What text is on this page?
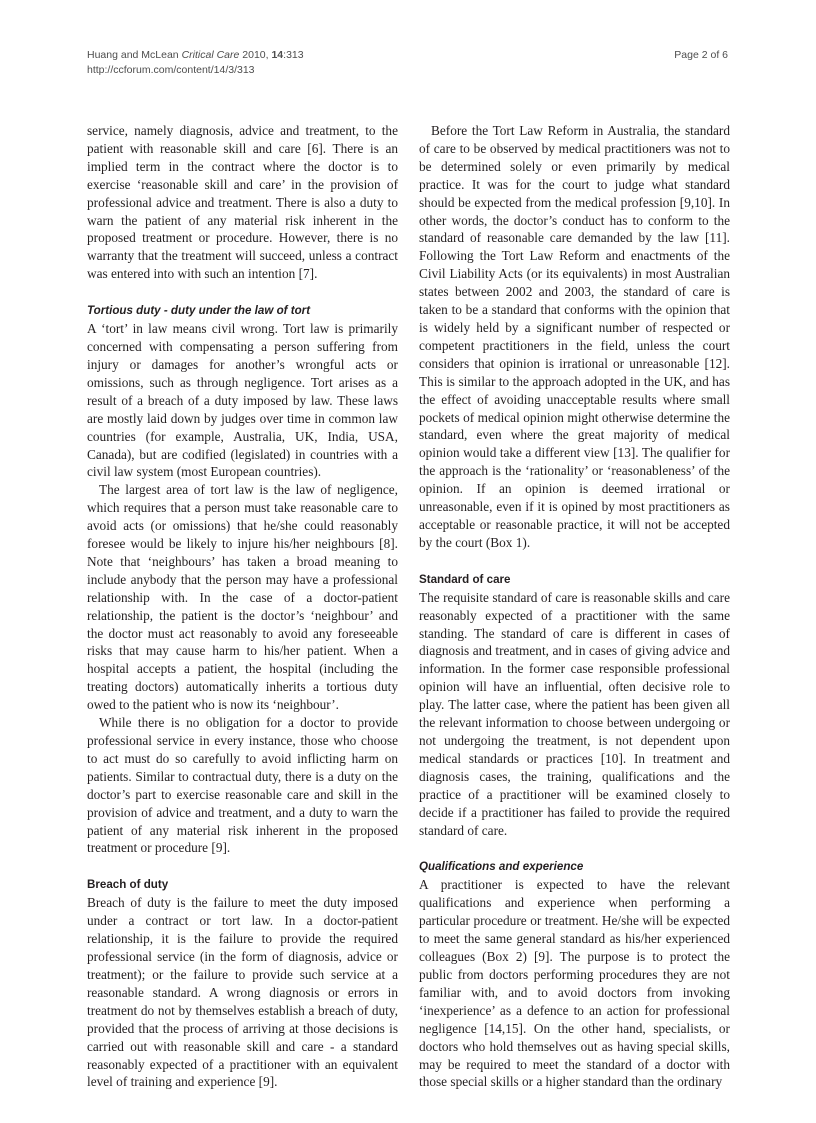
Huang and McLean Critical Care 2010, 14:313
http://ccforum.com/content/14/3/313
Page 2 of 6

service, namely diagnosis, advice and treatment, to the patient with reasonable skill and care [6]. There is an implied term in the contract where the doctor is to exercise ‘reasonable skill and care’ in the provision of professional advice and treatment. There is also a duty to warn the patient of any material risk inherent in the proposed treatment or procedure. However, there is no warranty that the treatment will succeed, unless a contract was entered into with such an intention [7].

Tortious duty - duty under the law of tort

A ‘tort’ in law means civil wrong. Tort law is primarily concerned with compensating a person suffering from injury or damages for another’s wrongful acts or omissions, such as through negligence. Tort arises as a result of a breach of a duty imposed by law. These laws are mostly laid down by judges over time in common law countries (for example, Australia, UK, India, USA, Canada), but are codified (legislated) in countries with a civil law system (most European countries).

The largest area of tort law is the law of negligence, which requires that a person must take reasonable care to avoid acts (or omissions) that he/she could reasonably foresee would be likely to injure his/her neighbours [8]. Note that ‘neighbours’ has taken a broad meaning to include anybody that the person may have a professional relationship with. In the case of a doctor-patient relationship, the patient is the doctor’s ‘neighbour’ and the doctor must act reasonably to avoid any foreseeable risks that may cause harm to his/her patient. When a hospital accepts a patient, the hospital (including the treating doctors) automatically inherits a tortious duty owed to the patient who is now its ‘neighbour’.

While there is no obligation for a doctor to provide professional service in every instance, those who choose to act must do so carefully to avoid inflicting harm on patients. Similar to contractual duty, there is a duty on the doctor’s part to exercise reasonable care and skill in the provision of advice and treatment, and a duty to warn the patient of any material risk inherent in the proposed treatment or procedure [9].

Breach of duty

Breach of duty is the failure to meet the duty imposed under a contract or tort law. In a doctor-patient relationship, it is the failure to provide the required professional service (in the form of diagnosis, advice or treatment); or the failure to provide such service at a reasonable standard. A wrong diagnosis or errors in treatment do not by themselves establish a breach of duty, provided that the process of arriving at those decisions is carried out with reasonable skill and care - a standard reasonably expected of a practitioner with an equivalent level of training and experience [9].

Before the Tort Law Reform in Australia, the standard of care to be observed by medical practitioners was not to be determined solely or even primarily by medical practice. It was for the court to judge what standard should be expected from the medical profession [9,10]. In other words, the doctor’s conduct has to conform to the standard of reasonable care demanded by the law [11]. Following the Tort Law Reform and enactments of the Civil Liability Acts (or its equivalents) in most Australian states between 2002 and 2003, the standard of care is taken to be a standard that conforms with the opinion that is widely held by a significant number of respected or competent practitioners in the field, unless the court considers that opinion is irrational or unreasonable [12]. This is similar to the approach adopted in the UK, and has the effect of avoiding unacceptable results where small pockets of medical opinion might otherwise determine the standard, even where the great majority of medical opinion would take a different view [13]. The qualifier for the approach is the ‘rationality’ or ‘reasonableness’ of the opinion. If an opinion is deemed irrational or unreasonable, even if it is opined by most practitioners as acceptable or reasonable practice, it will not be accepted by the court (Box 1).

Standard of care

The requisite standard of care is reasonable skills and care reasonably expected of a practitioner with the same standing. The standard of care is different in cases of diagnosis and treatment, and in cases of giving advice and information. In the former case responsible professional opinion will have an influential, often decisive role to play. The latter case, where the patient has been given all the relevant information to choose between undergoing or not undergoing the treatment, is not dependent upon medical standards or practices [10]. In treatment and diagnosis cases, the training, qualifications and the practice of a practitioner will be examined closely to decide if a practitioner has failed to provide the required standard of care.

Qualifications and experience

A practitioner is expected to have the relevant qualifications and experience when performing a particular procedure or treatment. He/she will be expected to meet the same general standard as his/her experienced colleagues (Box 2) [9]. The purpose is to protect the public from doctors performing procedures they are not familiar with, and to avoid doctors from invoking ‘inexperience’ as a defence to an action for professional negligence [14,15]. On the other hand, specialists, or doctors who hold themselves out as having special skills, may be required to meet the standard of a doctor with those special skills or a higher standard than the ordinary
